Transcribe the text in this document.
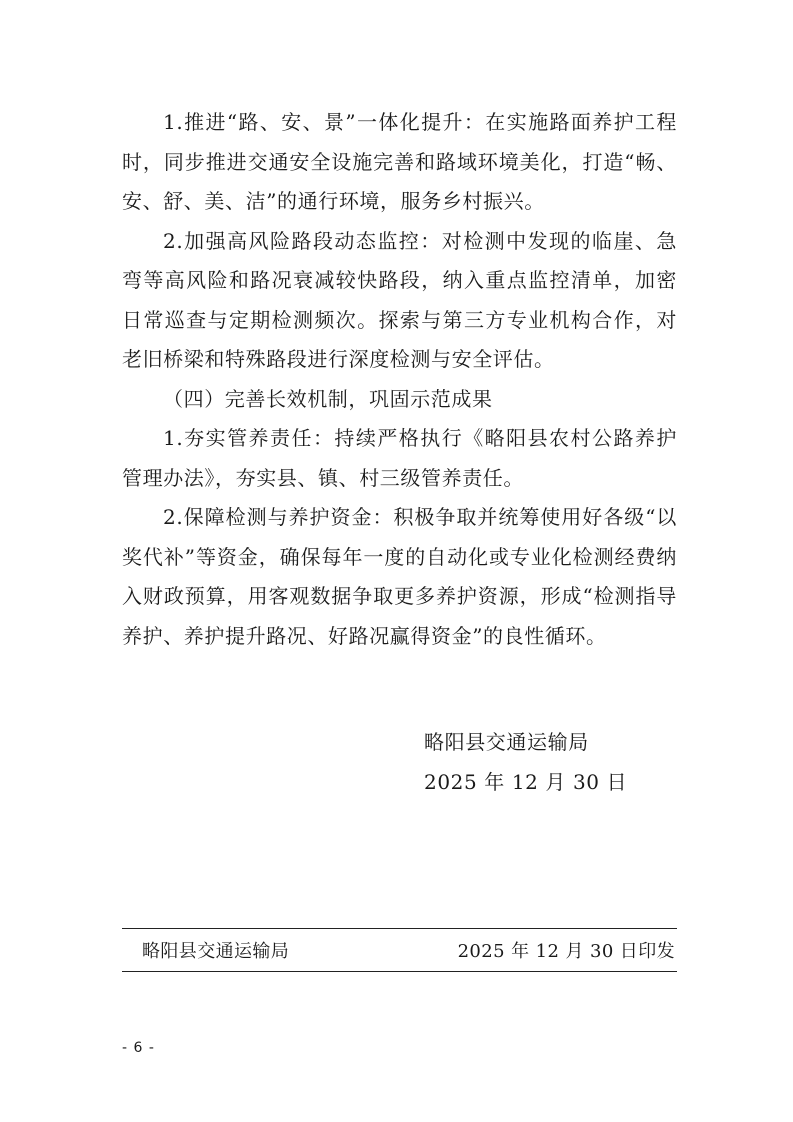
1.推进“路、安、景”一体化提升：在实施路面养护工程时，同步推进交通安全设施完善和路域环境美化，打造“畅、安、舒、美、洁”的通行环境，服务乡村振兴。

2.加强高风险路段动态监控：对检测中发现的临崖、急弯等高风险和路况衰减较快路段，纳入重点监控清单，加密日常巡查与定期检测频次。探索与第三方专业机构合作，对老旧桥梁和特殊路段进行深度检测与安全评估。

（四）完善长效机制，巩固示范成果

1.夯实管养责任：持续严格执行《略阳县农村公路养护管理办法》，夯实县、镇、村三级管养责任。

2.保障检测与养护资金：积极争取并统筹使用好各级“以奖代补”等资金，确保每年一度的自动化或专业化检测经费纳入财政预算，用客观数据争取更多养护资源，形成“检测指导养护、养护提升路况、好路况赢得资金”的良性循环。

略阳县交通运输局

2025 年 12 月 30 日

略阳县交通运输局	2025 年 12 月 30 日印发
- 6 -
